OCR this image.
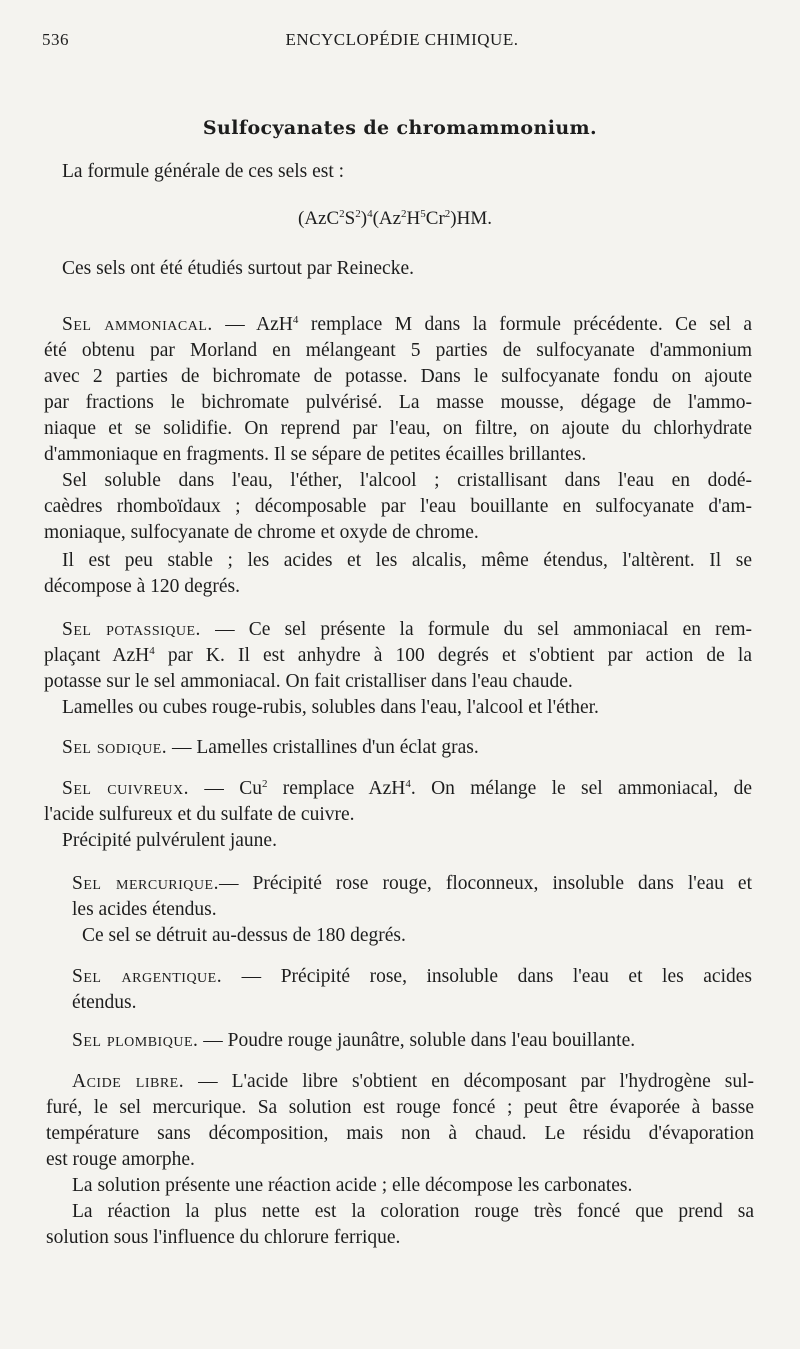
536	ENCYCLOPÉDIE CHIMIQUE.
Sulfocyanates de chromammonium.
La formule générale de ces sels est :
$(AzC^2S^2)^4(Az^2H^5Cr^2)HM$.
Ces sels ont été étudiés surtout par Reinecke.
Sel ammoniacal. — AzH$^4$ remplace M dans la formule précédente. Ce sel a
été obtenu par Morland en mélangeant 5 parties de sulfocyanate d'ammonium
avec 2 parties de bichromate de potasse. Dans le sulfocyanate fondu on ajoute
par fractions le bichromate pulvérisé. La masse mousse, dégage de l'ammo-
niaque et se solidifie. On reprend par l'eau, on filtre, on ajoute du chlorhydrate
d'ammoniaque en fragments. Il se sépare de petites écailles brillantes.
Sel soluble dans l'eau, l'éther, l'alcool ; cristallisant dans l'eau en dodé-
caèdres rhomboïdaux ; décomposable par l'eau bouillante en sulfocyanate d'am-
moniaque, sulfocyanate de chrome et oxyde de chrome.
Il est peu stable ; les acides et les alcalis, même étendus, l'altèrent. Il se
décompose à 120 degrés.
Sel potassique. — Ce sel présente la formule du sel ammoniacal en rem-
plaçant AzH$^4$ par K. Il est anhydre à 100 degrés et s'obtient par action de la
potasse sur le sel ammoniacal. On fait cristalliser dans l'eau chaude.
Lamelles ou cubes rouge-rubis, solubles dans l'eau, l'alcool et l'éther.
Sel sodique. — Lamelles cristallines d'un éclat gras.
Sel cuivreux. — Cu$^2$ remplace AzH$^4$. On mélange le sel ammoniacal, de
l'acide sulfureux et du sulfate de cuivre.
Précipité pulvérulent jaune.
Sel mercurique.— Précipité rose rouge, floconneux, insoluble dans l'eau et
les acides étendus.
Ce sel se détruit au-dessus de 180 degrés.
Sel argentique. — Précipité rose, insoluble dans l'eau et les acides
étendus.
Sel plombique. — Poudre rouge jaunâtre, soluble dans l'eau bouillante.
Acide libre. — L'acide libre s'obtient en décomposant par l'hydrogène sul-
furé, le sel mercurique. Sa solution est rouge foncé ; peut être évaporée à basse
température sans décomposition, mais non à chaud. Le résidu d'évaporation
est rouge amorphe.
La solution présente une réaction acide ; elle décompose les carbonates.
La réaction la plus nette est la coloration rouge très foncé que prend sa
solution sous l'influence du chlorure ferrique.
